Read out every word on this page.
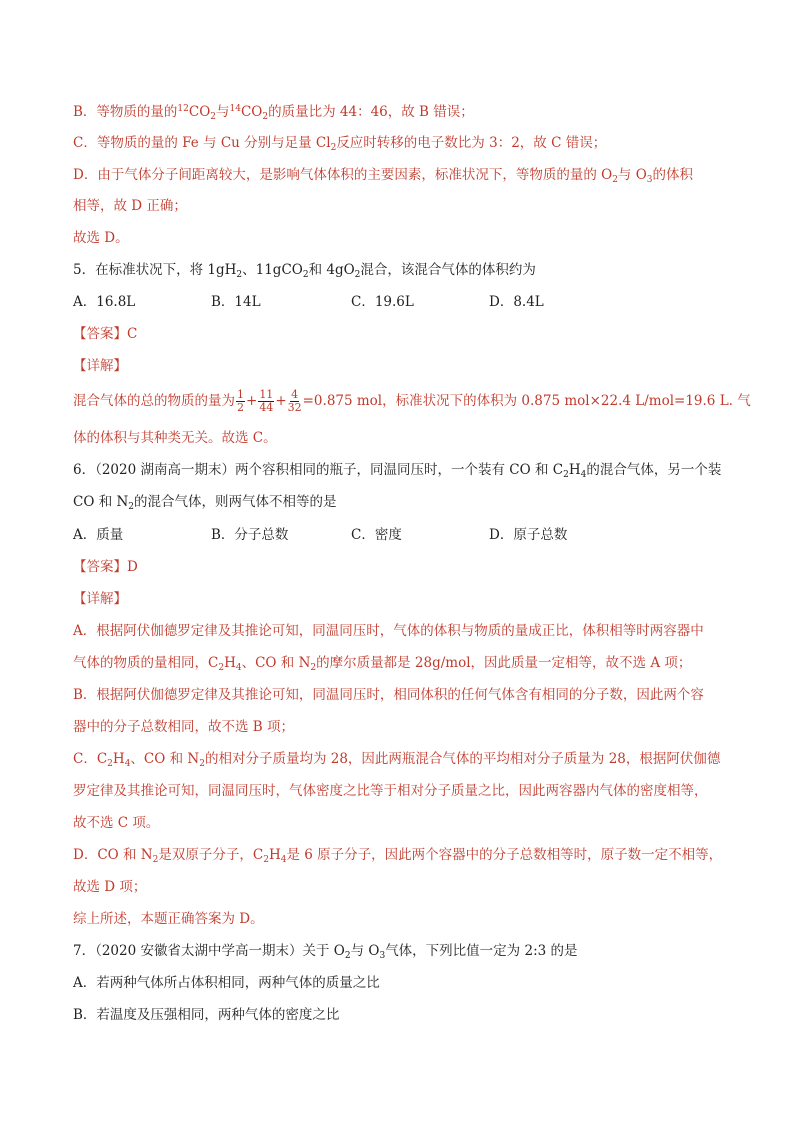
B．等物质的量的$^{12}CO_2$与$^{14}CO_2$的质量比为 44：46，故 B 错误；
C．等物质的量的 Fe 与 Cu 分别与足量 $Cl_2$反应时转移的电子数比为 3：2，故 C 错误；
D．由于气体分子间距离较大，是影响气体体积的主要因素，标准状况下，等物质的量的 $O_2$与 $O_3$的体积
相等，故 D 正确；
故选 D。
5．在标准状况下，将 $1gH_2$、11gCO$_2$和 $4gO_2$混合，该混合气体的体积约为
A．16.8L	B．14L	C．19.6L	D．8.4L
【答案】C
【详解】
混合气体的总的物质的量为 $\frac{1}{2} + \frac{11}{44} + \frac{4}{32} =0.875$ mol，标准状况下的体积为 0.875 mol×22.4 L/mol=19.6 L. 气
体的体积与其种类无关。故选 C。
6．（2020 湖南高一期末）两个容积相同的瓶子，同温同压时，一个装有 CO 和 $C_2H_4$的混合气体，另一个装
CO 和 $N_2$的混合气体，则两气体不相等的是
A．质量	B．分子总数	C．密度	D．原子总数
【答案】D
【详解】
A．根据阿伏伽德罗定律及其推论可知，同温同压时，气体的体积与物质的量成正比，体积相等时两容器中
气体的物质的量相同，$C_2H_4$、CO 和 $N_2$的摩尔质量都是 28g/mol，因此质量一定相等，故不选 A 项；
B．根据阿伏伽德罗定律及其推论可知，同温同压时，相同体积的任何气体含有相同的分子数，因此两个容
器中的分子总数相同，故不选 B 项；
C．$C_2H_4$、CO 和 $N_2$的相对分子质量均为 28，因此两瓶混合气体的平均相对分子质量为 28，根据阿伏伽德
罗定律及其推论可知，同温同压时，气体密度之比等于相对分子质量之比，因此两容器内气体的密度相等，
故不选 C 项。
D．CO 和 $N_2$是双原子分子，$C_2H_4$是 6 原子分子，因此两个容器中的分子总数相等时，原子数一定不相等，
故选 D 项；
综上所述，本题正确答案为 D。
7．（2020 安徽省太湖中学高一期末）关于 $O_2$与 $O_3$气体，下列比值一定为 2:3 的是
A．若两种气体所占体积相同，两种气体的质量之比
B．若温度及压强相同，两种气体的密度之比
